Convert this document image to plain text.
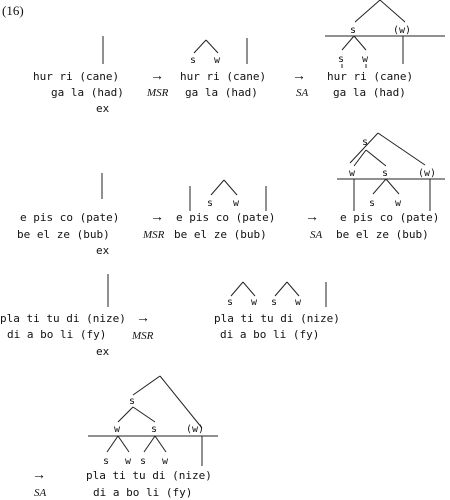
(16)
hur ri (cane)
ga la (had)
ex
→
s w
hur ri (cane)
MSR ga la (had)
→
s	(w)
s w
hur ri (cane)
SA ga la (had)
e pis co (pate)
be el ze (bub)
ex
→
s w
e pis co (pate)
MSR be el ze (bub)
→
s
w	s	(w)
s w
e pis co (pate)
SA be el ze (bub)
pla ti tu di (nize)
di a bo li (fy)
ex
→
MSR
s w s w
pla ti tu di (nize)
di a bo li (fy)
s
w	s	(w)
s w s w
→	pla ti tu di (nize)
SA	di a bo li (fy)
